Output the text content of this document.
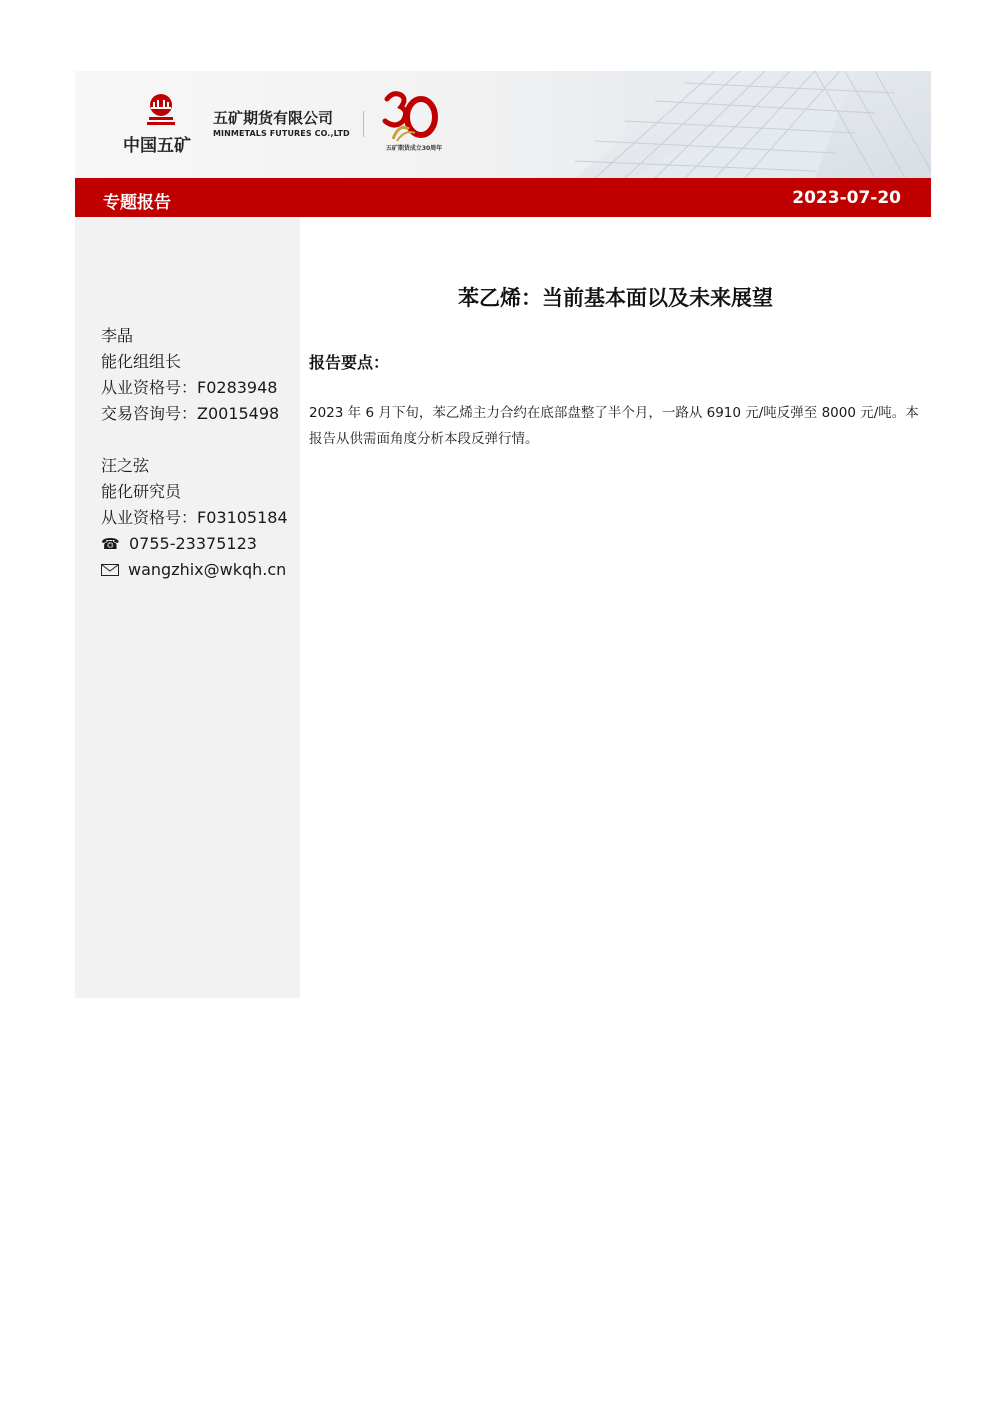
中国五矿
五矿期货有限公司
MINMETALS FUTURES CO.,LTD
五矿期货成立30周年
专题报告	2023-07-20
李晶
能化组组长
从业资格号：F0283948
交易咨询号：Z0015498
汪之弦
能化研究员
从业资格号：F03105184
☎ 0755-23375123
wangzhix@wkqh.cn
苯乙烯：当前基本面以及未来展望
报告要点：
2023 年 6 月下旬，苯乙烯主力合约在底部盘整了半个月，一路从 6910 元/吨反弹至 8000 元/吨。本报告从供需面角度分析本段反弹行情。
